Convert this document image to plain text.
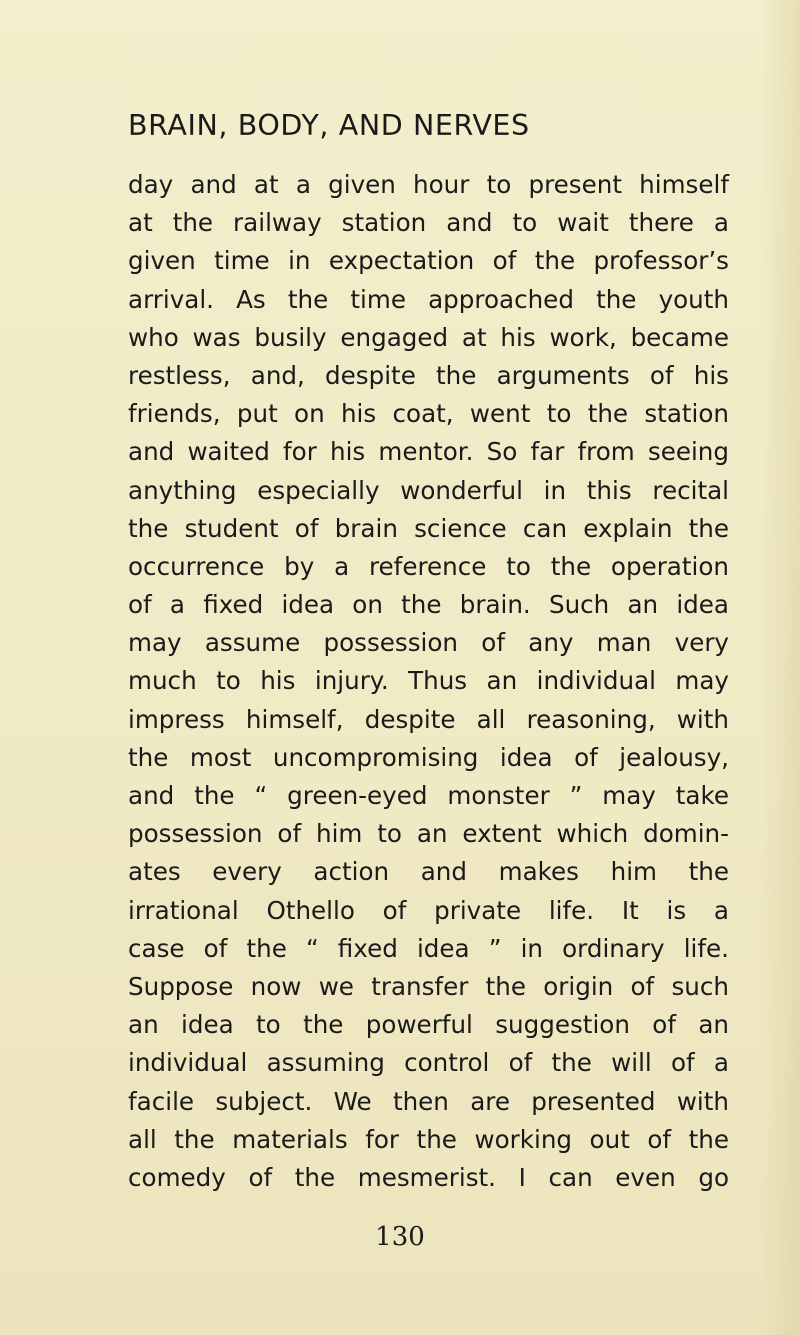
BRAIN, BODY, AND NERVES
day and at a given hour to present himself
at the railway station and to wait there a
given time in expectation of the professor’s
arrival. As the time approached the youth
who was busily engaged at his work, became
restless, and, despite the arguments of his
friends, put on his coat, went to the station
and waited for his mentor. So far from seeing
anything especially wonderful in this recital
the student of brain science can explain the
occurrence by a reference to the operation
of a fixed idea on the brain. Such an idea
may assume possession of any man very
much to his injury. Thus an individual may
impress himself, despite all reasoning, with
the most uncompromising idea of jealousy,
and the “ green-eyed monster ” may take
possession of him to an extent which domin-
ates every action and makes him the
irrational Othello of private life. It is a
case of the “ fixed idea ” in ordinary life.
Suppose now we transfer the origin of such
an idea to the powerful suggestion of an
individual assuming control of the will of a
facile subject. We then are presented with
all the materials for the working out of the
comedy of the mesmerist. I can even go
130
